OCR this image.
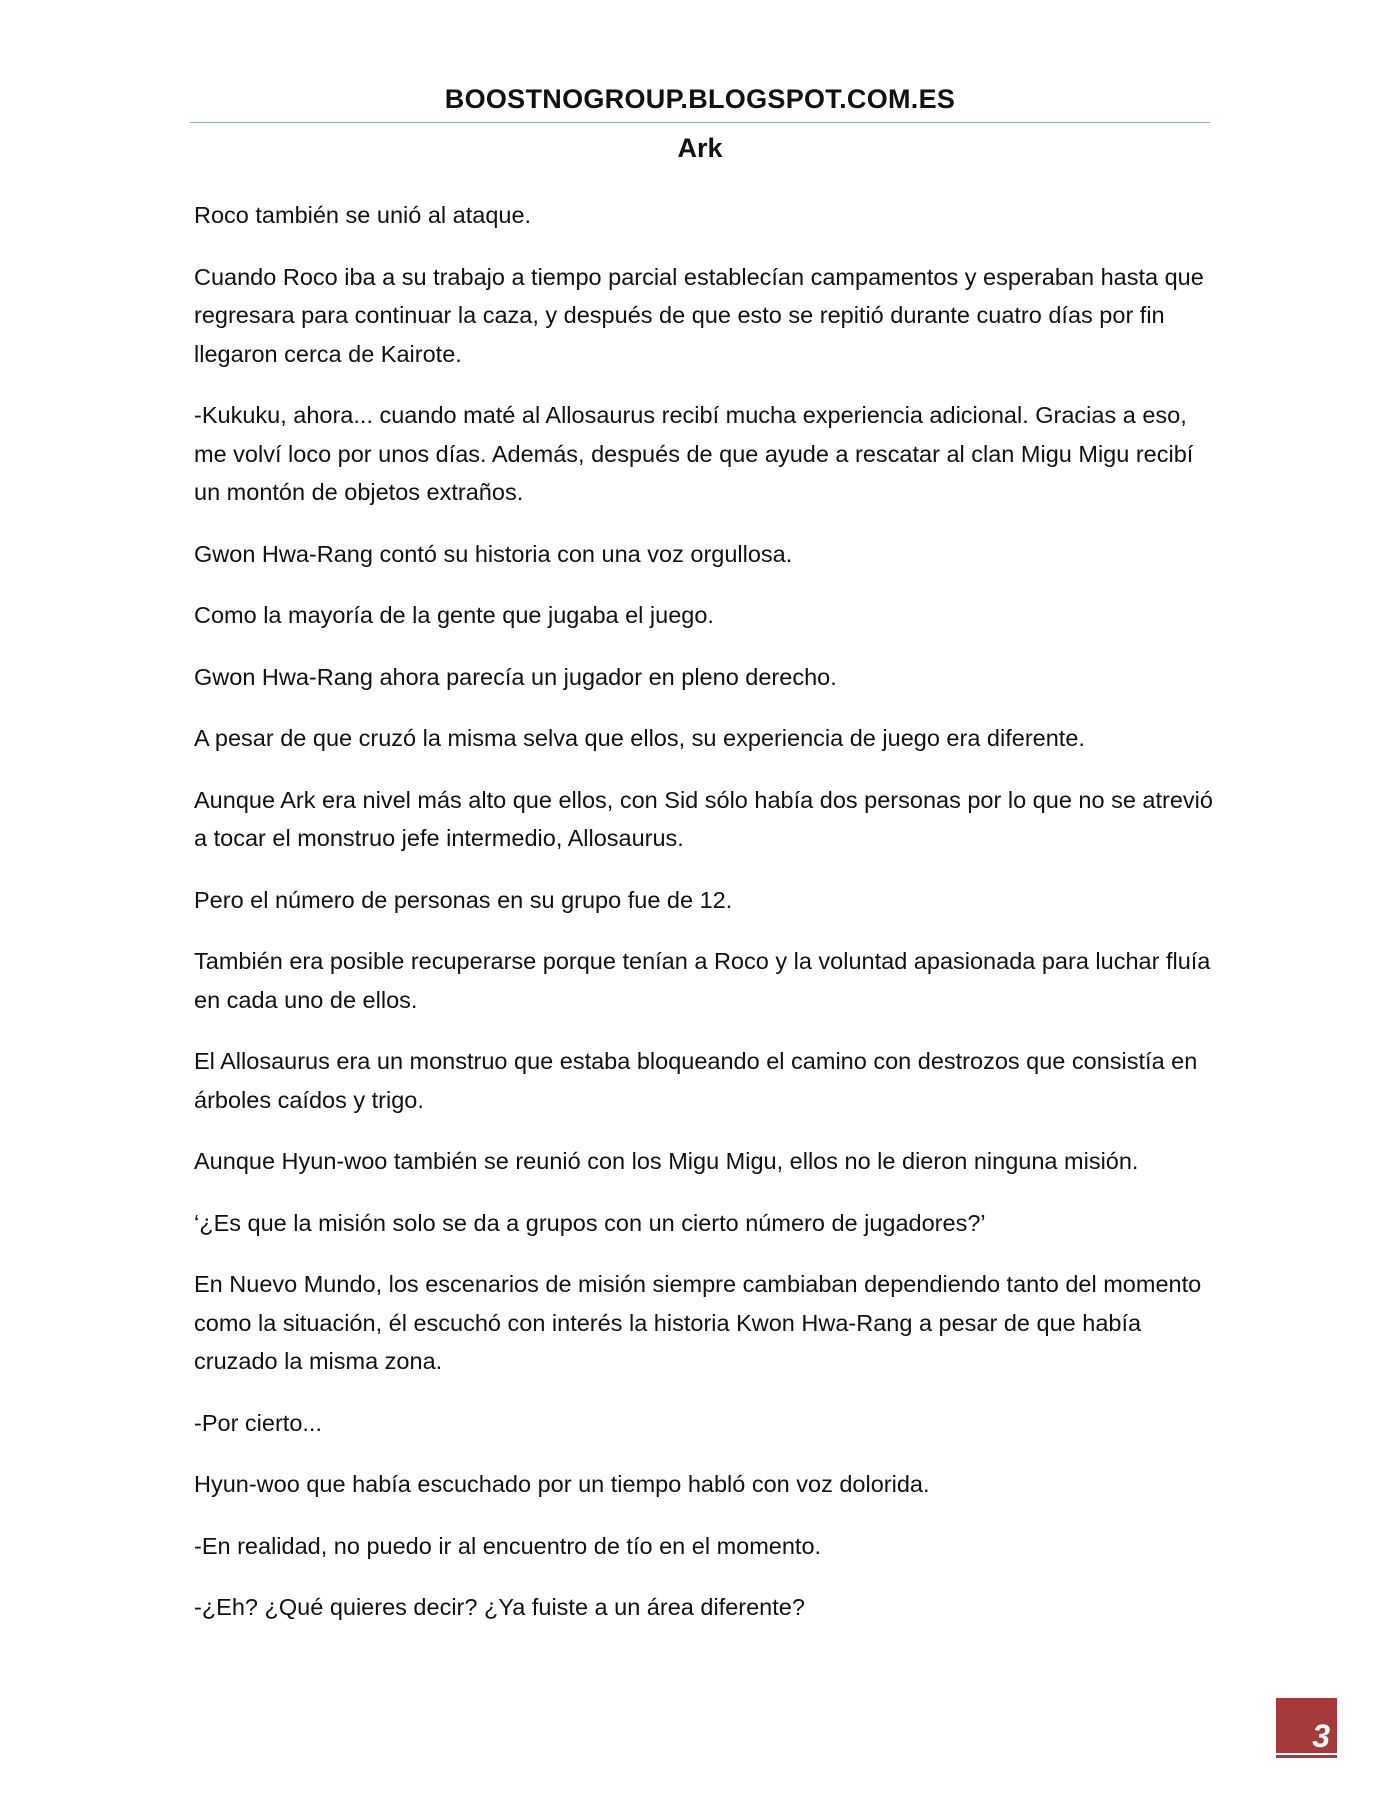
BOOSTNOGROUP.BLOGSPOT.COM.ES
Ark

Roco también se unió al ataque.

Cuando Roco iba a su trabajo a tiempo parcial establecían campamentos y esperaban hasta que regresara para continuar la caza, y después de que esto se repitió durante cuatro días por fin llegaron cerca de Kairote.

-Kukuku, ahora... cuando maté al Allosaurus recibí mucha experiencia adicional. Gracias a eso, me volví loco por unos días. Además, después de que ayude a rescatar al clan Migu Migu recibí un montón de objetos extraños.

Gwon Hwa-Rang contó su historia con una voz orgullosa.

Como la mayoría de la gente que jugaba el juego.

Gwon Hwa-Rang ahora parecía un jugador en pleno derecho.

A pesar de que cruzó la misma selva que ellos, su experiencia de juego era diferente.

Aunque Ark era nivel más alto que ellos, con Sid sólo había dos personas por lo que no se atrevió a tocar el monstruo jefe intermedio, Allosaurus.

Pero el número de personas en su grupo fue de 12.

También era posible recuperarse porque tenían a Roco y la voluntad apasionada para luchar fluía en cada uno de ellos.

El Allosaurus era un monstruo que estaba bloqueando el camino con destrozos que consistía en árboles caídos y trigo.

Aunque Hyun-woo también se reunió con los Migu Migu, ellos no le dieron ninguna misión.

‘¿Es que la misión solo se da a grupos con un cierto número de jugadores?’

En Nuevo Mundo, los escenarios de misión siempre cambiaban dependiendo tanto del momento como la situación, él escuchó con interés la historia Kwon Hwa-Rang a pesar de que había cruzado la misma zona.

-Por cierto...

Hyun-woo que había escuchado por un tiempo habló con voz dolorida.

-En realidad, no puedo ir al encuentro de tío en el momento.

-¿Eh? ¿Qué quieres decir? ¿Ya fuiste a un área diferente?

3
